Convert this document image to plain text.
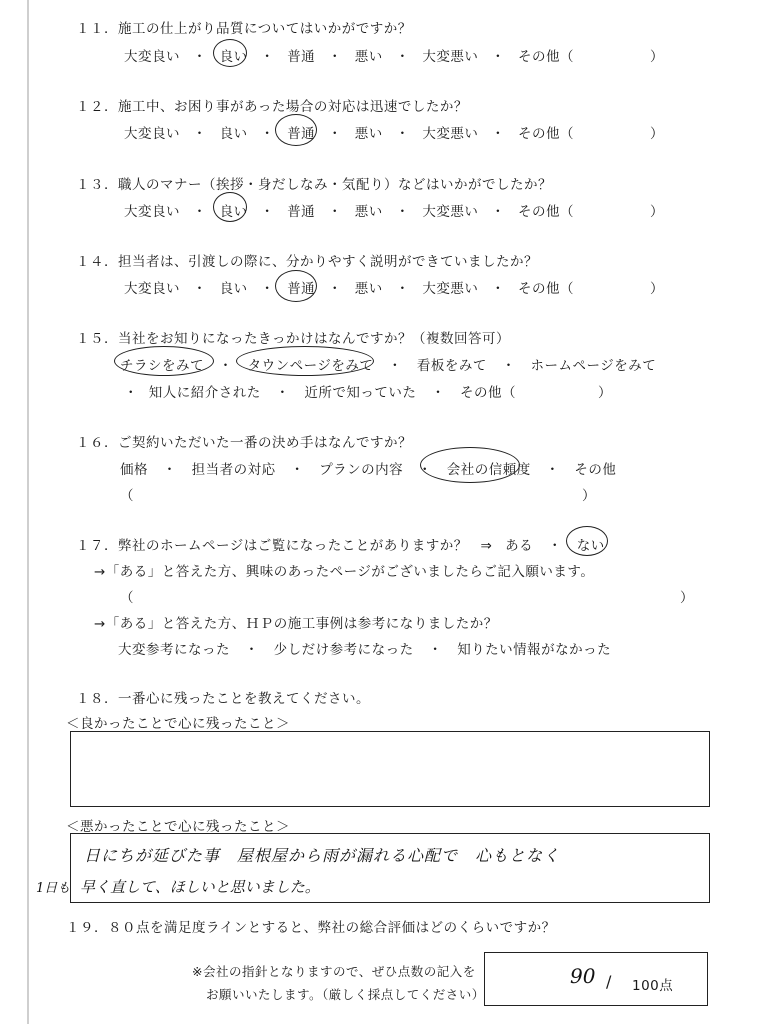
１１．施工の仕上がり品質についてはいかがですか？
大変良い ・ 良い ・ 普通 ・ 悪い ・ 大変悪い ・ その他（	）
１２．施工中、お困り事があった場合の対応は迅速でしたか？
大変良い ・ 良い ・ 普通 ・ 悪い ・ 大変悪い ・ その他（	）
１３．職人のマナー（挨拶・身だしなみ・気配り）などはいかがでしたか？
大変良い ・ 良い ・ 普通 ・ 悪い ・ 大変悪い ・ その他（	）
１４．担当者は、引渡しの際に、分かりやすく説明ができていましたか？
大変良い ・ 良い ・ 普通 ・ 悪い ・ 大変悪い ・ その他（	）
１５．当社をお知りになったきっかけはなんですか？（複数回答可）
チラシをみて ・ タウンページをみて ・ 看板をみて ・ ホームページをみて
・ 知人に紹介された ・ 近所で知っていた ・ その他（	）
１６．ご契約いただいた一番の決め手はなんですか？
価格 ・ 担当者の対応 ・ プランの内容 ・ 会社の信頼度 ・ その他
（	）
１７．弊社のホームページはご覧になったことがありますか？ ⇒ ある ・ ない
→「ある」と答えた方、興味のあったページがございましたらご記入願います。
（	）
→「ある」と答えた方、ＨＰの施工事例は参考になりましたか？
大変参考になった ・ 少しだけ参考になった ・ 知りたい情報がなかった
１８．一番心に残ったことを教えてください。
＜良かったことで心に残ったこと＞
＜悪かったことで心に残ったこと＞
日にちが延びた事　屋根屋から雨が漏れる心配で　心もとなく
1日も 早く直して、ほしいと思いました。
１９．８０点を満足度ラインとすると、弊社の総合評価はどのくらいですか？
※会社の指針となりますので、ぜひ点数の記入を
お願いいたします。（厳しく採点してください）
90 / 100点
